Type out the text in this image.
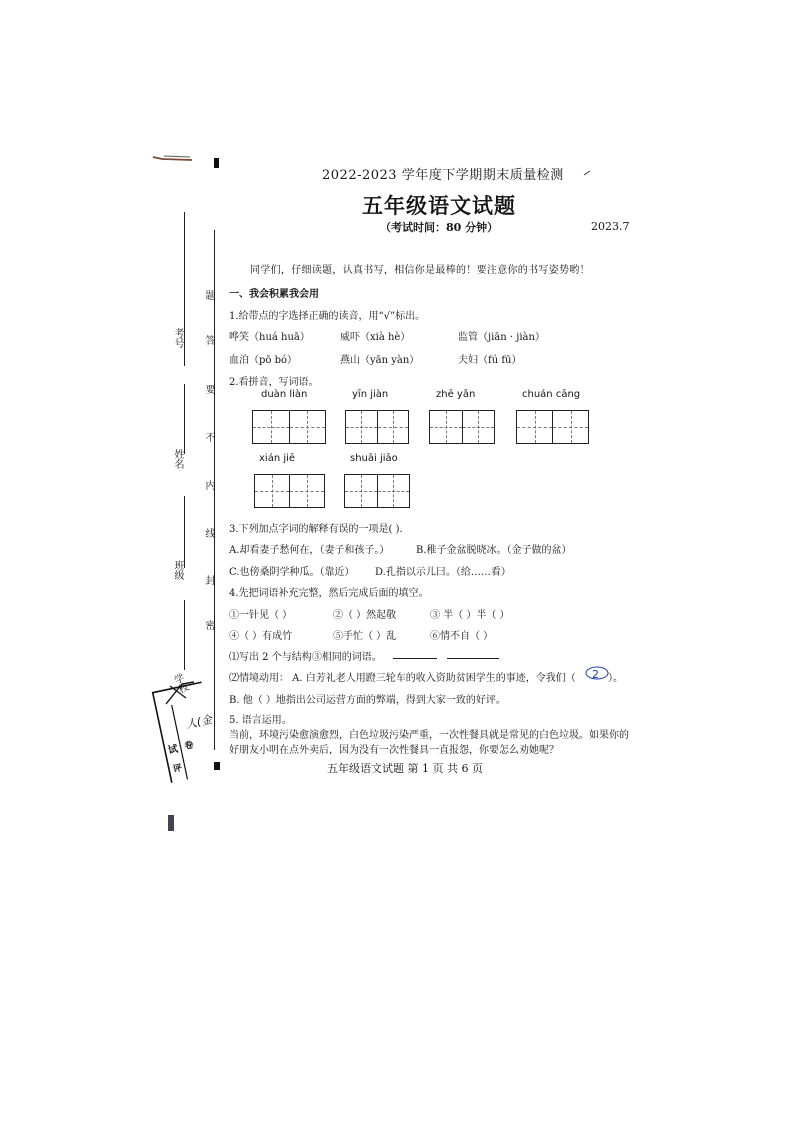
2022-2023 学年度下学期期末质量检测
五年级语文试题
（考试时间：80 分钟）	2023.7
同学们，仔细读题，认真书写，相信你是最棒的！要注意你的书写姿势哟！
一、我会积累我会用
1.给带点的字选择正确的读音，用“√”标出。
哗笑（huá huā）	威吓（xià hè）	监管（jiān · jiàn）
血泊（pō bó）	燕山（yān yàn）	夫妇（fú fū）
2.看拼音，写词语。
duàn liàn	yīn jiàn	zhē yǎn	chuán cāng
xián jiē	shuāi jiāo
3.下列加点字词的解释有误的一项是( ).
A.却看妻子愁何在，（妻子和孩子。）	B.稚子金盆脱晓冰。（金子做的盆）
C.也傍桑阴学种瓜。（靠近） D.孔指以示儿曰。（给……看）
4.先把词语补充完整，然后完成后面的填空。
①一针见（ ）	②（ ）然起敬	③ 半（ ）半（ ）
④（ ）有成竹	⑤手忙（ ）乱	⑥情不自（ ）
⑴写出 2 个与结构③相同的词语。
⑵情境动用： A. 白芳礼老人用蹬三轮车的收入资助贫困学生的事迹，令我们（ 2 ）。
B. 他（ ）地指出公司运营方面的弊端，得到大家一致的好评。
5. 语言运用。
当前，环境污染愈演愈烈，白色垃圾污染严重，一次性餐具就是常见的白色垃圾。如果你的
好朋友小明在点外卖后，因为没有一次性餐具一直报怨，你要怎么劝她呢？
五年级语文试题 第 1 页 共 6 页
考号
姓名
班级
学校
题
答
要
不
内
线
封
密
试
评
卷
人(金
